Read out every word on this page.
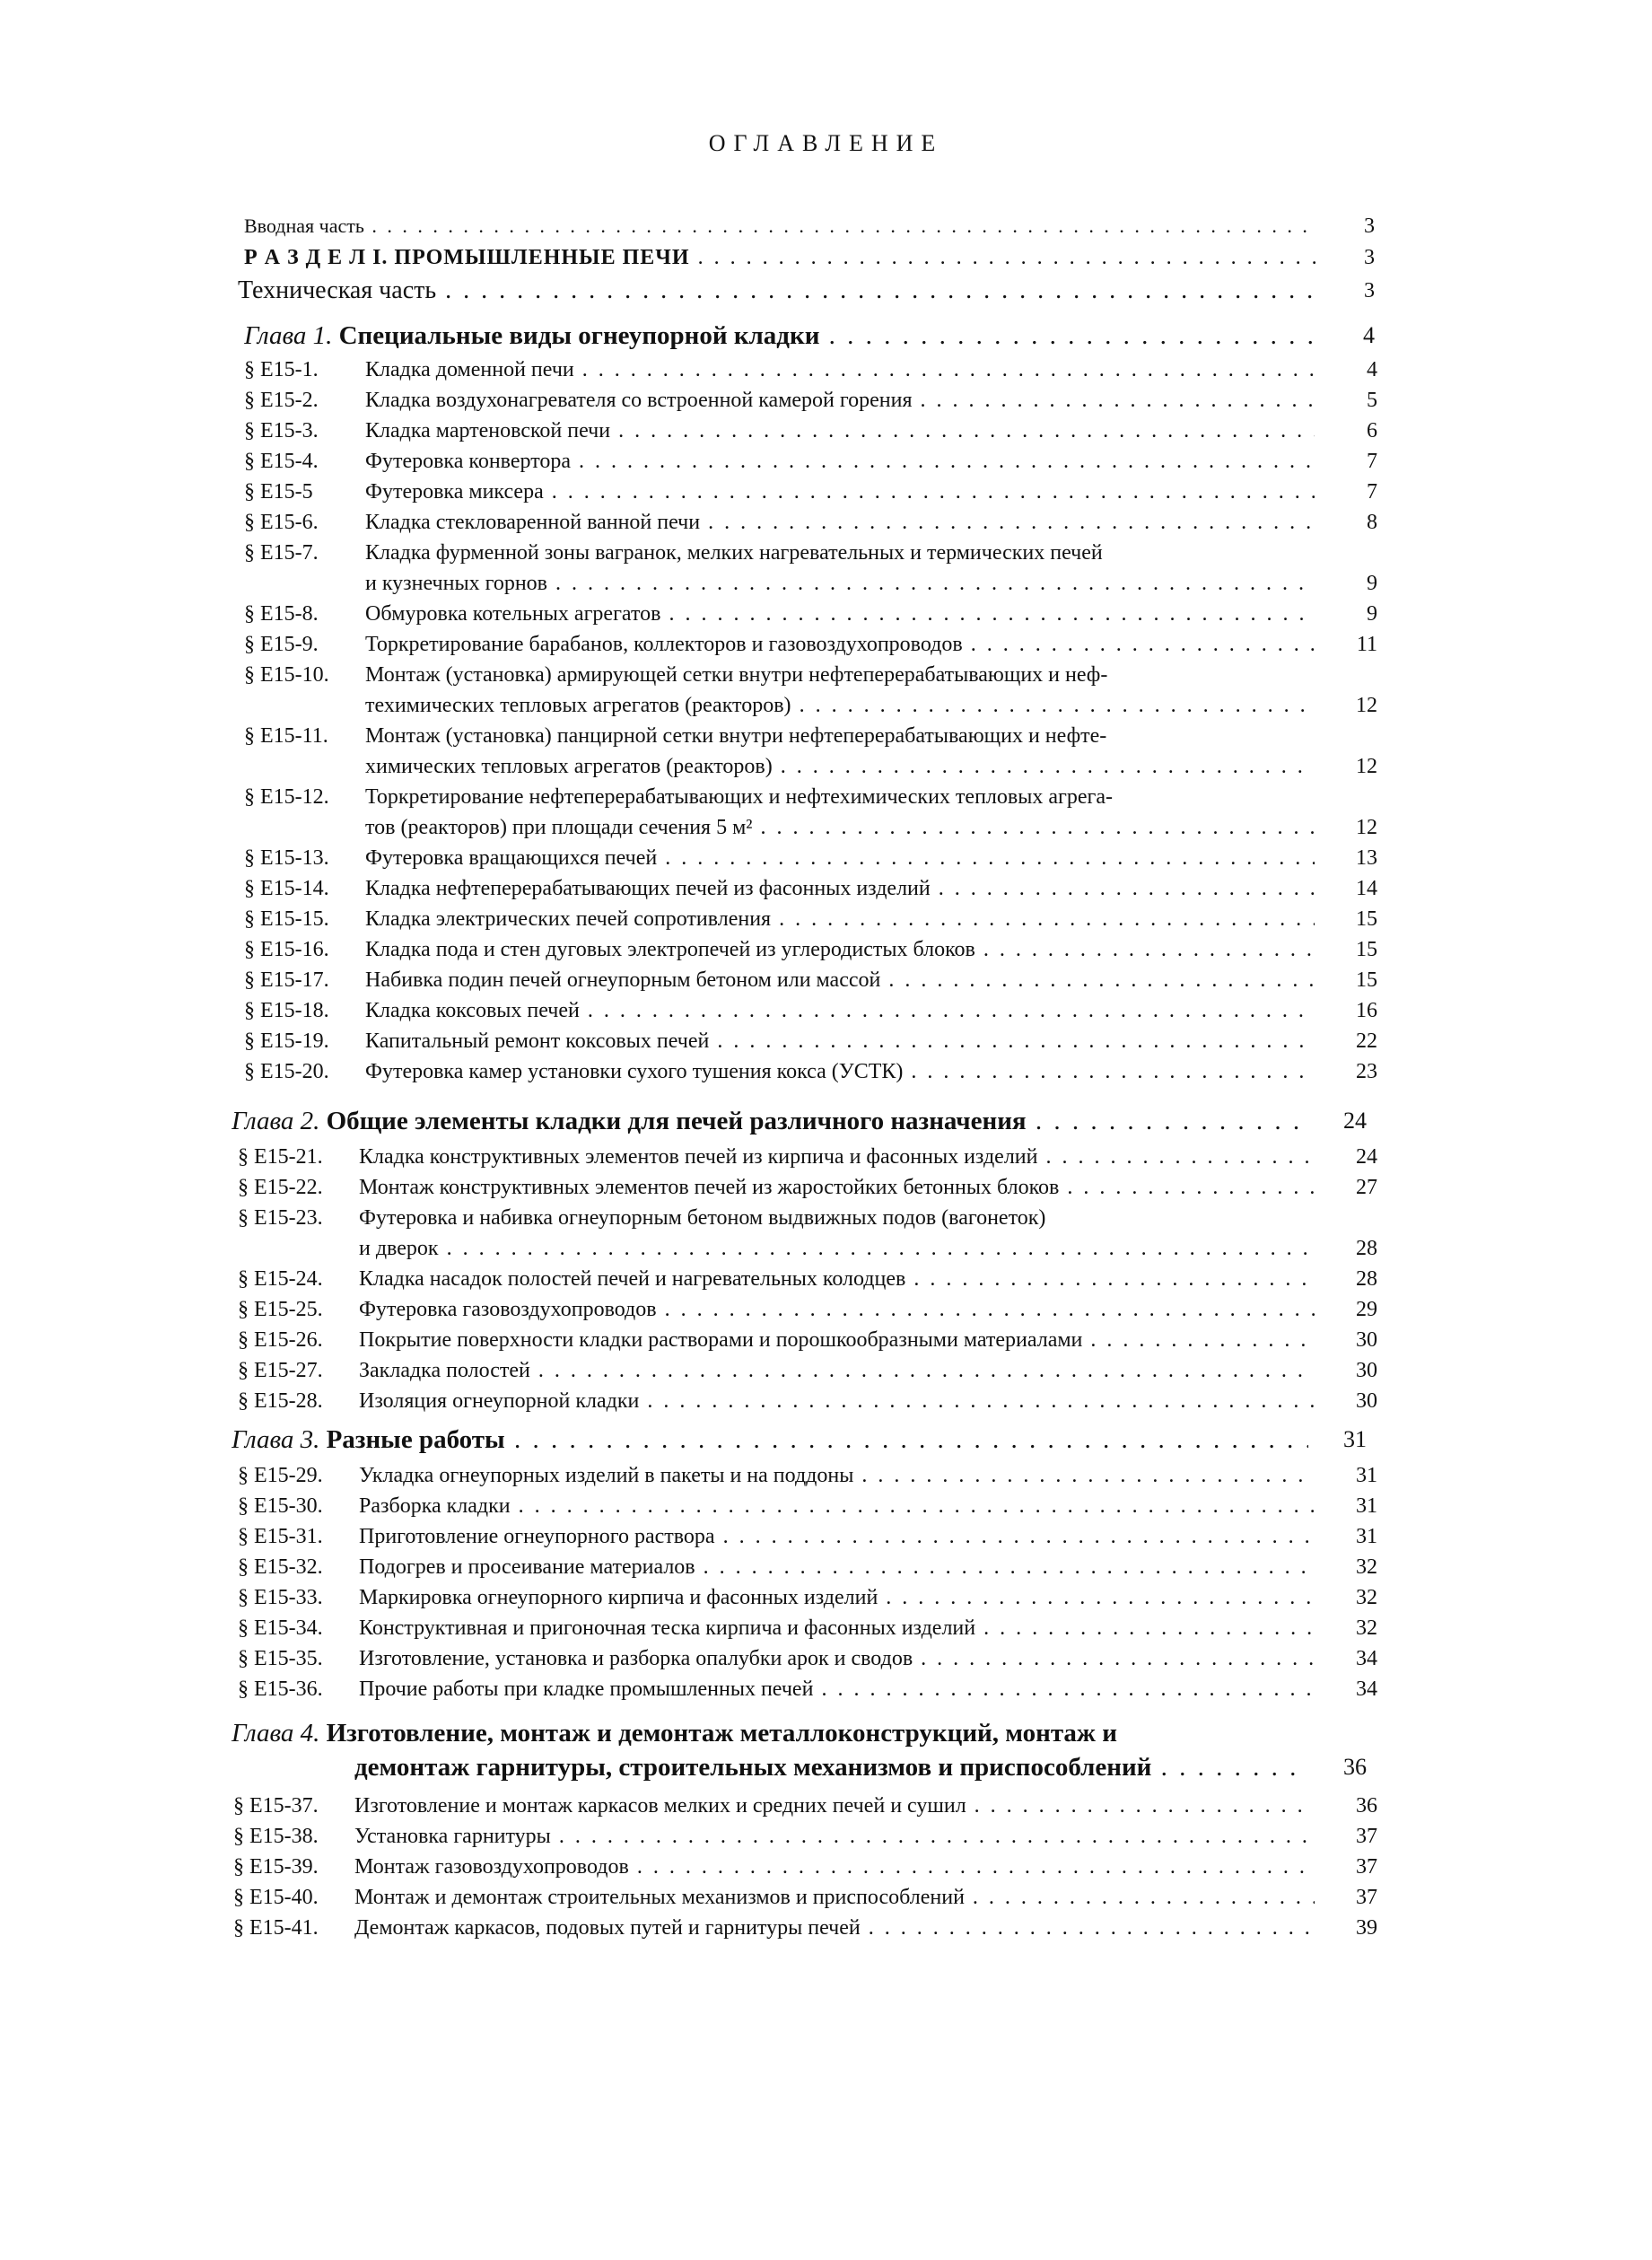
ОГЛАВЛЕНИЕ
Вводная часть . . .	3
Р А З Д Е Л I. ПРОМЫШЛЕННЫЕ ПЕЧИ . . .	3
Техническая часть . . .	3
Глава 1. Специальные виды огнеупорной кладки . . .	4
§ Е15-1. Кладка доменной печи . . .	4
§ Е15-2. Кладка воздухонагревателя со встроенной камерой горения . . .	5
§ Е15-3. Кладка мартеновской печи . . .	6
§ Е15-4. Футеровка конвертора . . .	7
§ Е15-5 Футеровка миксера . . .	7
§ Е15-6. Кладка стекловаренной ванной печи . . .	8
§ Е15-7. Кладка фурменной зоны вагранок, мелких нагревательных и термических печей
и кузнечных горнов . . .	9
§ Е15-8. Обмуровка котельных агрегатов . . .	9
§ Е15-9. Торкретирование барабанов, коллекторов и газовоздухопроводов . . .	11
§ Е15-10. Монтаж (установка) армирующей сетки внутри нефтеперерабатывающих и неф-
техимических тепловых агрегатов (реакторов) . . .	12
§ Е15-11. Монтаж (установка) панцирной сетки внутри нефтеперерабатывающих и нефте-
химических тепловых агрегатов (реакторов) . . .	12
§ Е15-12. Торкретирование нефтеперерабатывающих и нефтехимических тепловых агрега-
тов (реакторов) при площади сечения 5 м² . . .	12
§ Е15-13. Футеровка вращающихся печей . . .	13
§ Е15-14. Кладка нефтеперерабатывающих печей из фасонных изделий . . .	14
§ Е15-15. Кладка электрических печей сопротивления . . .	15
§ Е15-16. Кладка пода и стен дуговых электропечей из углеродистых блоков . . .	15
§ Е15-17. Набивка подин печей огнеупорным бетоном или массой . . .	15
§ Е15-18. Кладка коксовых печей . . .	16
§ Е15-19. Капитальный ремонт коксовых печей . . .	22
§ Е15-20. Футеровка камер установки сухого тушения кокса (УСТК) . . .	23
Глава 2. Общие элементы кладки для печей различного назначения . . .	24
§ Е15-21. Кладка конструктивных элементов печей из кирпича и фасонных изделий . . .	24
§ Е15-22. Монтаж конструктивных элементов печей из жаростойких бетонных блоков . . .	27
§ Е15-23. Футеровка и набивка огнеупорным бетоном выдвижных подов (вагонеток)
и дверок . . .	28
§ Е15-24. Кладка насадок полостей печей и нагревательных колодцев . . .	28
§ Е15-25. Футеровка газовоздухопроводов . . .	29
§ Е15-26. Покрытие поверхности кладки растворами и порошкообразными материалами . . .	30
§ Е15-27. Закладка полостей . . .	30
§ Е15-28. Изоляция огнеупорной кладки . . .	30
Глава 3. Разные работы . . .	31
§ Е15-29. Укладка огнеупорных изделий в пакеты и на поддоны . . .	31
§ Е15-30. Разборка кладки . . .	31
§ Е15-31. Приготовление огнеупорного раствора . . .	31
§ Е15-32. Подогрев и просеивание материалов . . .	32
§ Е15-33. Маркировка огнеупорного кирпича и фасонных изделий . . .	32
§ Е15-34. Конструктивная и пригоночная теска кирпича и фасонных изделий . . .	32
§ Е15-35. Изготовление, установка и разборка опалубки арок и сводов . . .	34
§ Е15-36. Прочие работы при кладке промышленных печей . . .	34
Глава 4. Изготовление, монтаж и демонтаж металлоконструкций, монтаж и
демонтаж гарнитуры, строительных механизмов и приспособлений . . .	36
§ Е15-37. Изготовление и монтаж каркасов мелких и средних печей и сушил . . .	36
§ Е15-38. Установка гарнитуры . . .	37
§ Е15-39. Монтаж газовоздухопроводов . . .	37
§ Е15-40. Монтаж и демонтаж строительных механизмов и приспособлений . . .	37
§ Е15-41. Демонтаж каркасов, подовых путей и гарнитуры печей . . .	39
